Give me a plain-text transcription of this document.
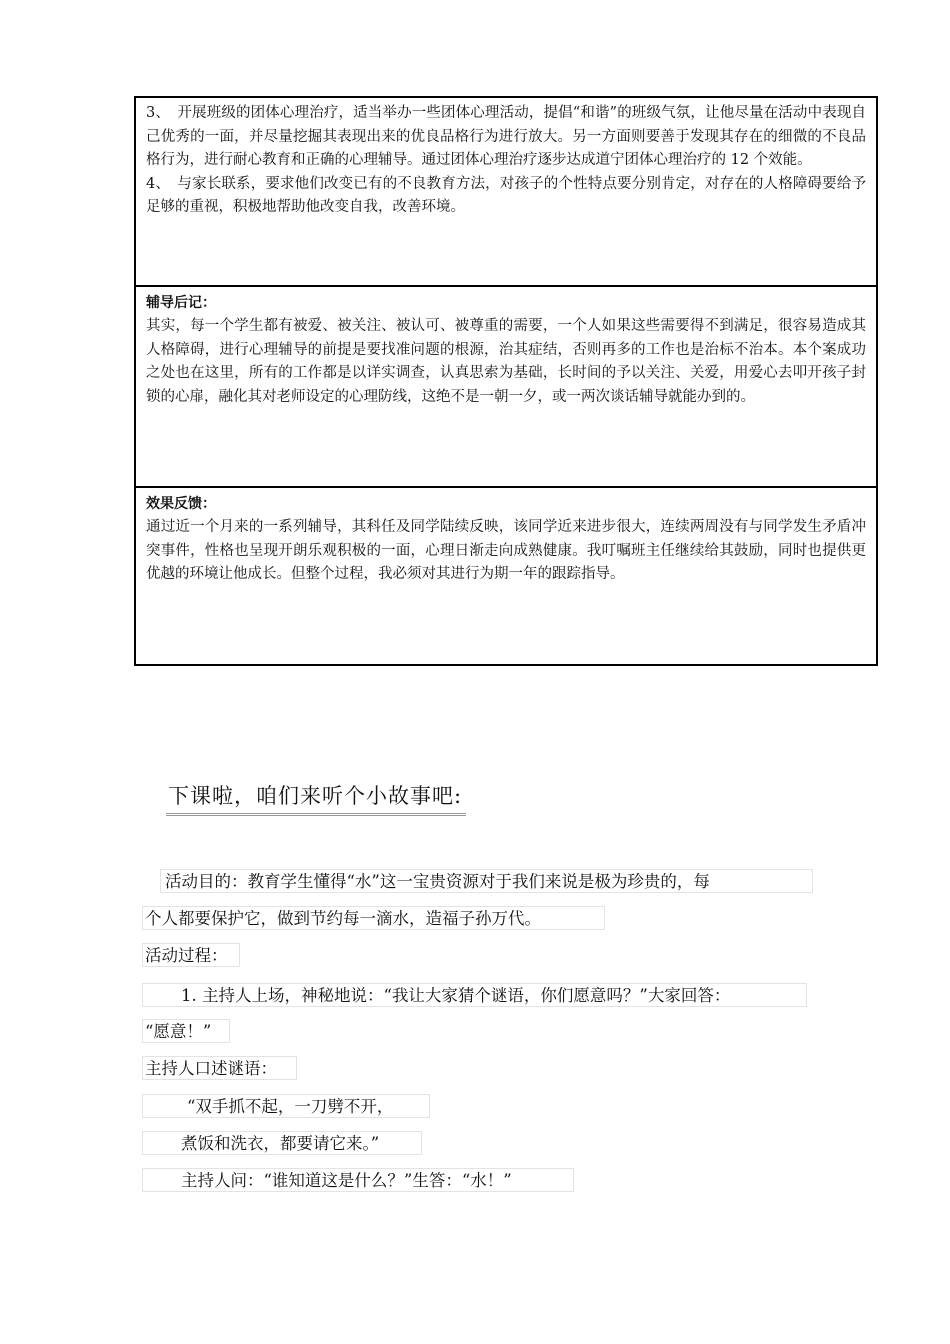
3、　开展班级的团体心理治疗，适当举办一些团体心理活动，提倡“和谐”的班级气氛，让他尽量在活动中表现自己优秀的一面，并尽量挖掘其表现出来的优良品格行为进行放大。另一方面则要善于发现其存在的细微的不良品格行为，进行耐心教育和正确的心理辅导。通过团体心理治疗逐步达成道宁团体心理治疗的 12 个效能。

4、　与家长联系，要求他们改变已有的不良教育方法，对孩子的个性特点要分别肯定，对存在的人格障碍要给予足够的重视，积极地帮助他改变自我，改善环境。

辅导后记：

其实，每一个学生都有被爱、被关注、被认可、被尊重的需要，一个人如果这些需要得不到满足，很容易造成其人格障碍，进行心理辅导的前提是要找准问题的根源，治其症结，否则再多的工作也是治标不治本。本个案成功之处也在这里，所有的工作都是以详实调查，认真思索为基础，长时间的予以关注、关爱，用爱心去叩开孩子封锁的心扉，融化其对老师设定的心理防线，这绝不是一朝一夕，或一两次谈话辅导就能办到的。

效果反馈：

通过近一个月来的一系列辅导，其科任及同学陆续反映，该同学近来进步很大，连续两周没有与同学发生矛盾冲突事件，性格也呈现开朗乐观积极的一面，心理日渐走向成熟健康。我叮嘱班主任继续给其鼓励，同时也提供更优越的环境让他成长。但整个过程，我必须对其进行为期一年的跟踪指导。

下课啦，咱们来听个小故事吧:
活动目的：教育学生懂得“水”这一宝贵资源对于我们来说是极为珍贵的，每
个人都要保护它，做到节约每一滴水，造福子孙万代。
活动过程：
1. 主持人上场，神秘地说：“我让大家猜个谜语，你们愿意吗？”大家回答：
“愿意！”
主持人口述谜语：
“双手抓不起，一刀劈不开，
煮饭和洗衣，都要请它来。”
主持人问：“谁知道这是什么？”生答：“水！”
